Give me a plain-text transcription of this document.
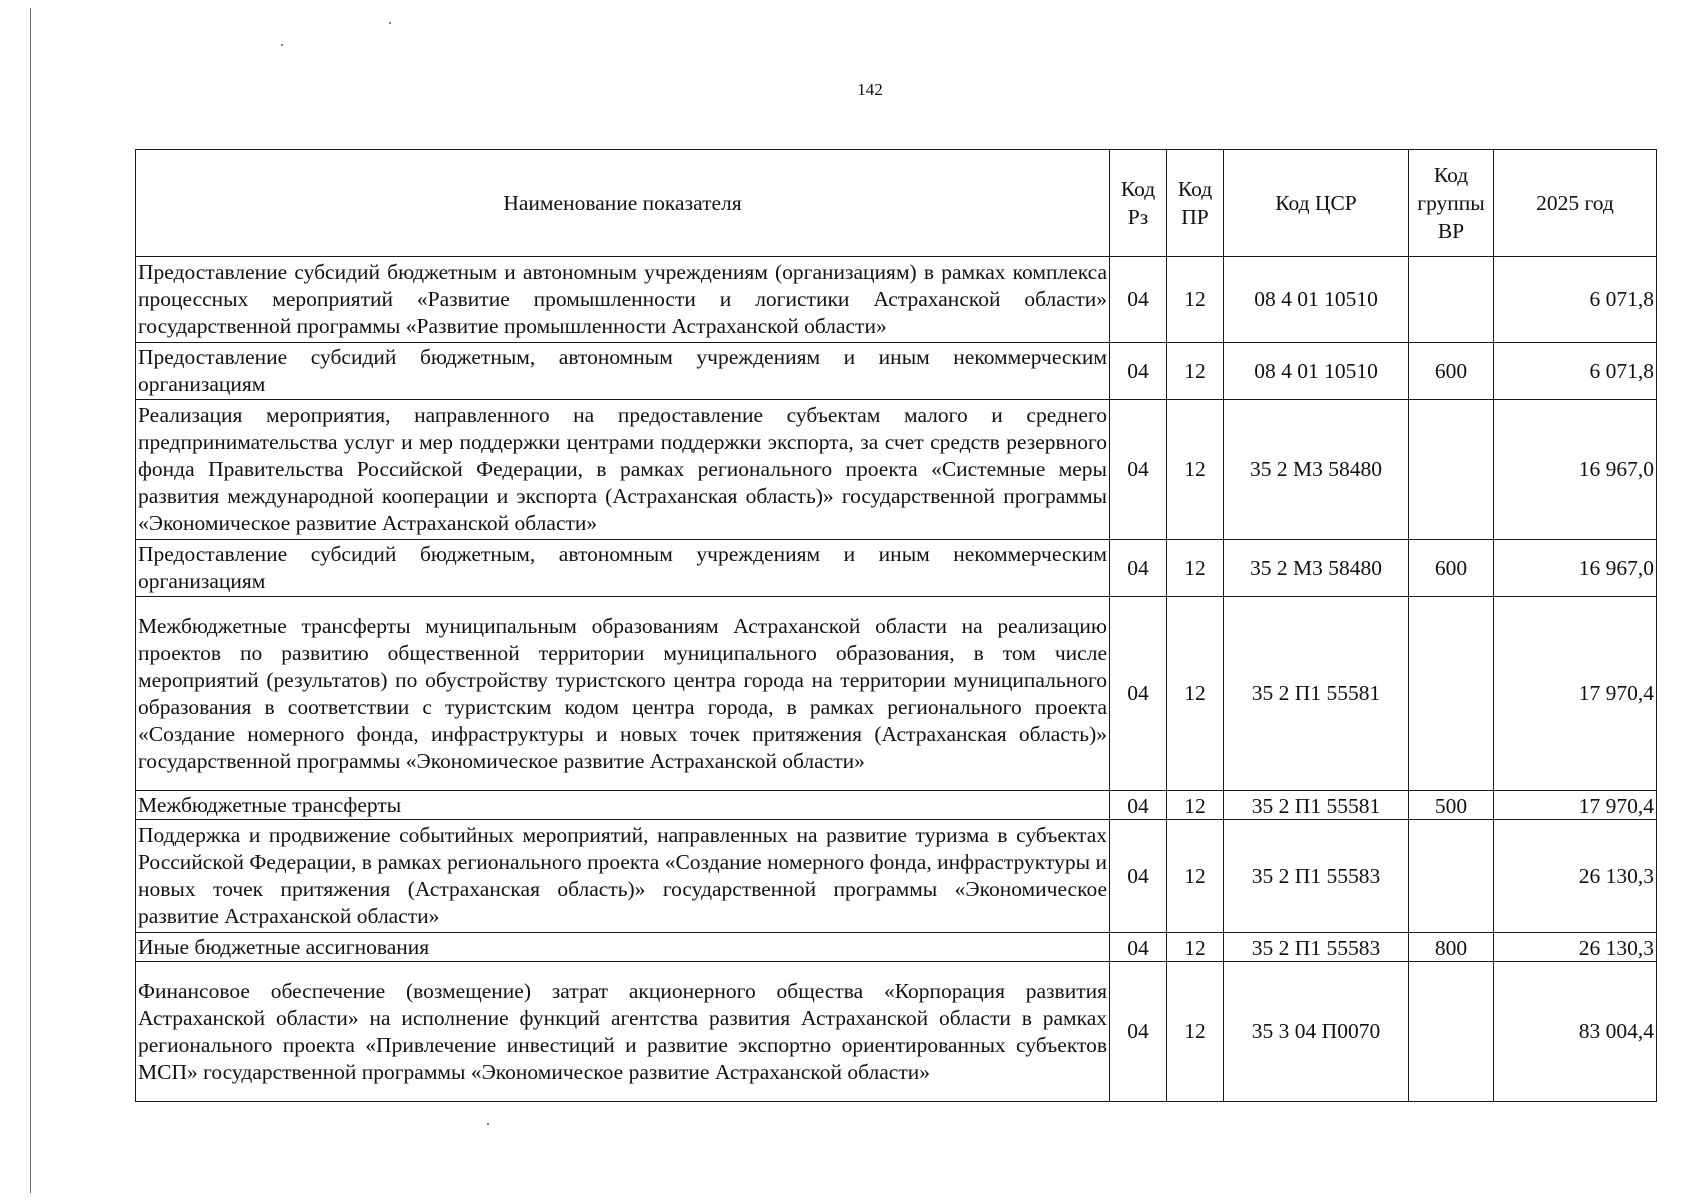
142
Наименование показателя	Код Рз	Код ПР	Код ЦСР	Код группы ВР	2025 год
Предоставление субсидий бюджетным и автономным учреждениям (организациям) в рамках комплекса процессных мероприятий «Развитие промышленности и логистики Астраханской области» государственной программы «Развитие промышленности Астраханской области»	04	12	08 4 01 10510		6 071,8
Предоставление субсидий бюджетным, автономным учреждениям и иным некоммерческим организациям	04	12	08 4 01 10510	600	6 071,8
Реализация мероприятия, направленного на предоставление субъектам малого и среднего предпринимательства услуг и мер поддержки центрами поддержки экспорта, за счет средств резервного фонда Правительства Российской Федерации, в рамках регионального проекта «Системные меры развития международной кооперации и экспорта (Астраханская область)» государственной программы «Экономическое развитие Астраханской области»	04	12	35 2 М3 58480		16 967,0
Предоставление субсидий бюджетным, автономным учреждениям и иным некоммерческим организациям	04	12	35 2 М3 58480	600	16 967,0
Межбюджетные трансферты муниципальным образованиям Астраханской области на реализацию проектов по развитию общественной территории муниципального образования, в том числе мероприятий (результатов) по обустройству туристского центра города на территории муниципального образования в соответствии с туристским кодом центра города, в рамках регионального проекта «Создание номерного фонда, инфраструктуры и новых точек притяжения (Астраханская область)» государственной программы «Экономическое развитие Астраханской области»	04	12	35 2 П1 55581		17 970,4
Межбюджетные трансферты	04	12	35 2 П1 55581	500	17 970,4
Поддержка и продвижение событийных мероприятий, направленных на развитие туризма в субъектах Российской Федерации, в рамках регионального проекта «Создание номерного фонда, инфраструктуры и новых точек притяжения (Астраханская область)» государственной программы «Экономическое развитие Астраханской области»	04	12	35 2 П1 55583		26 130,3
Иные бюджетные ассигнования	04	12	35 2 П1 55583	800	26 130,3
Финансовое обеспечение (возмещение) затрат акционерного общества «Корпорация развития Астраханской области» на исполнение функций агентства развития Астраханской области в рамках регионального проекта «Привлечение инвестиций и развитие экспортно ориентированных субъектов МСП» государственной программы «Экономическое развитие Астраханской области»	04	12	35 3 04 П0070		83 004,4
